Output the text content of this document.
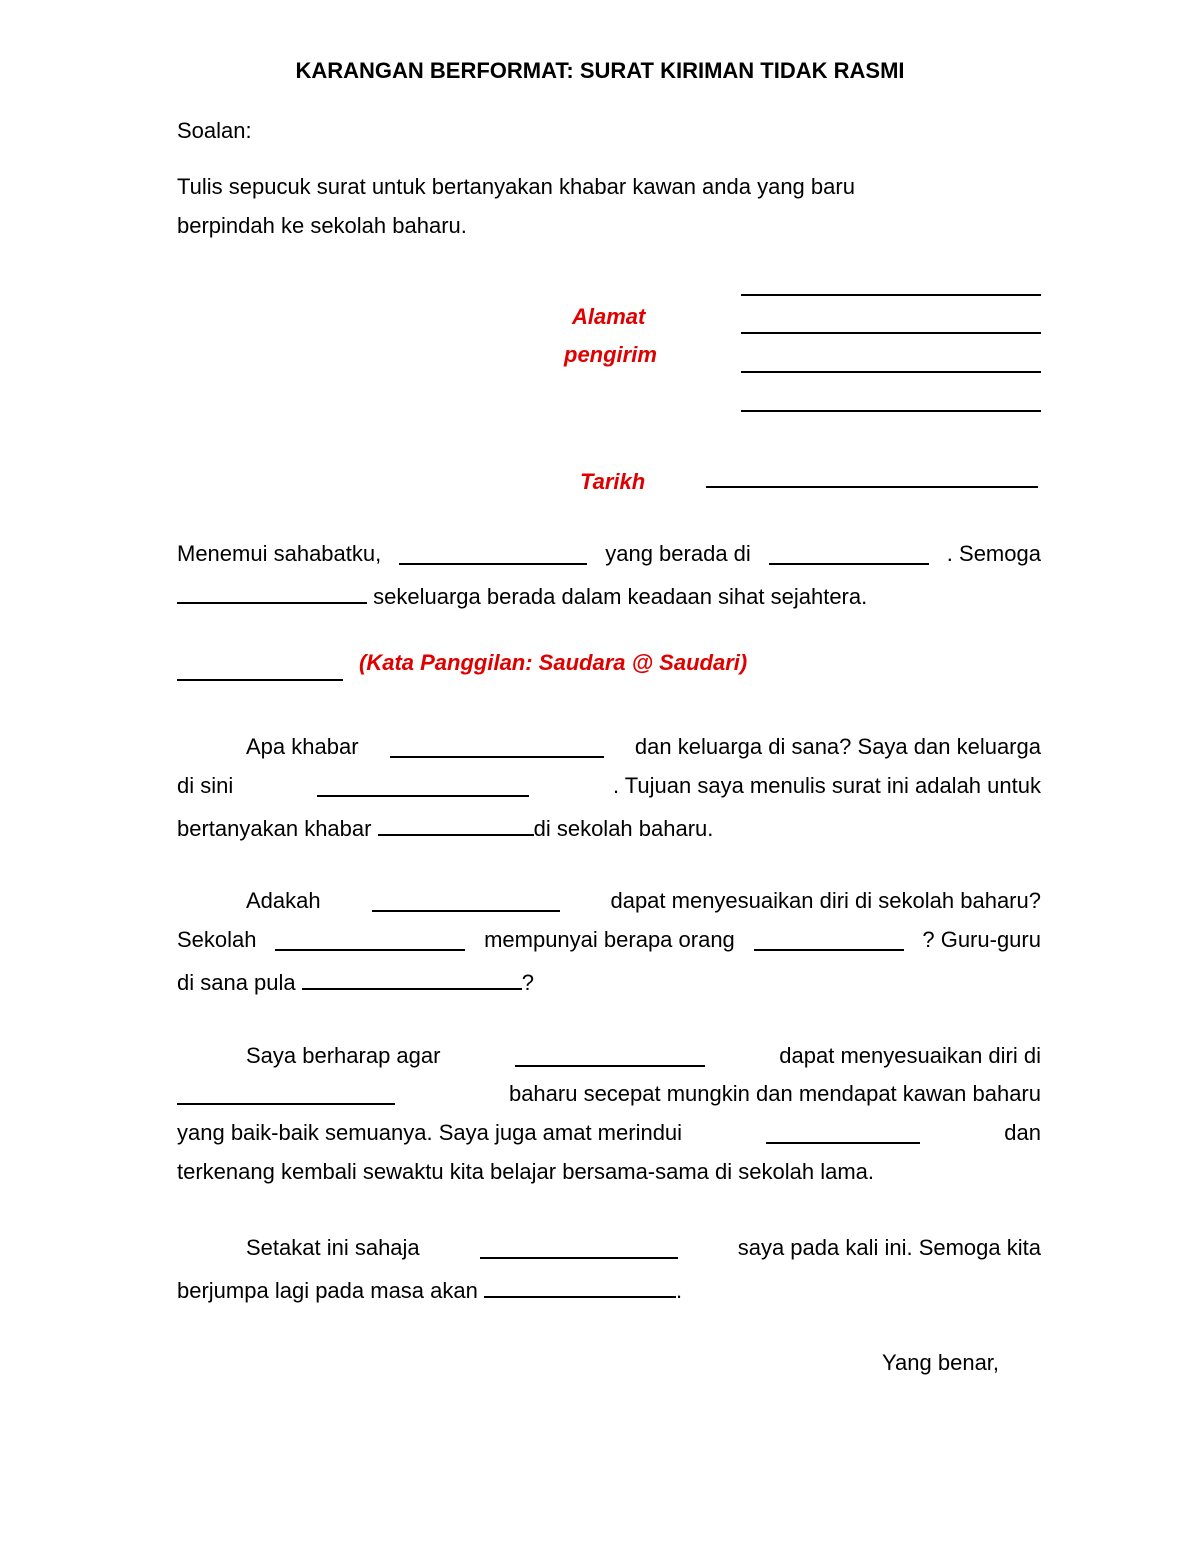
KARANGAN BERFORMAT: SURAT KIRIMAN TIDAK RASMI
Soalan:
Tulis sepucuk surat untuk bertanyakan khabar kawan anda yang baru
berpindah ke sekolah baharu.
Alamat
pengirim
Tarikh
Menemui sahabatku,	yang berada di	. Semoga
sekeluarga berada dalam keadaan sihat sejahtera.
(Kata Panggilan: Saudara @ Saudari)
Apa khabar	dan keluarga di sana? Saya dan keluarga
di sini	. Tujuan saya menulis surat ini adalah untuk
bertanyakan khabar	di sekolah baharu.
Adakah	dapat menyesuaikan diri di sekolah baharu?
Sekolah	mempunyai berapa orang	? Guru-guru
di sana pula	?
Saya berharap agar	dapat menyesuaikan diri di
baharu secepat mungkin dan mendapat kawan baharu
yang baik-baik semuanya. Saya juga amat merindui	dan
terkenang kembali sewaktu kita belajar bersama-sama di sekolah lama.
Setakat ini sahaja	saya pada kali ini. Semoga kita
berjumpa lagi pada masa akan	.
Yang benar,
